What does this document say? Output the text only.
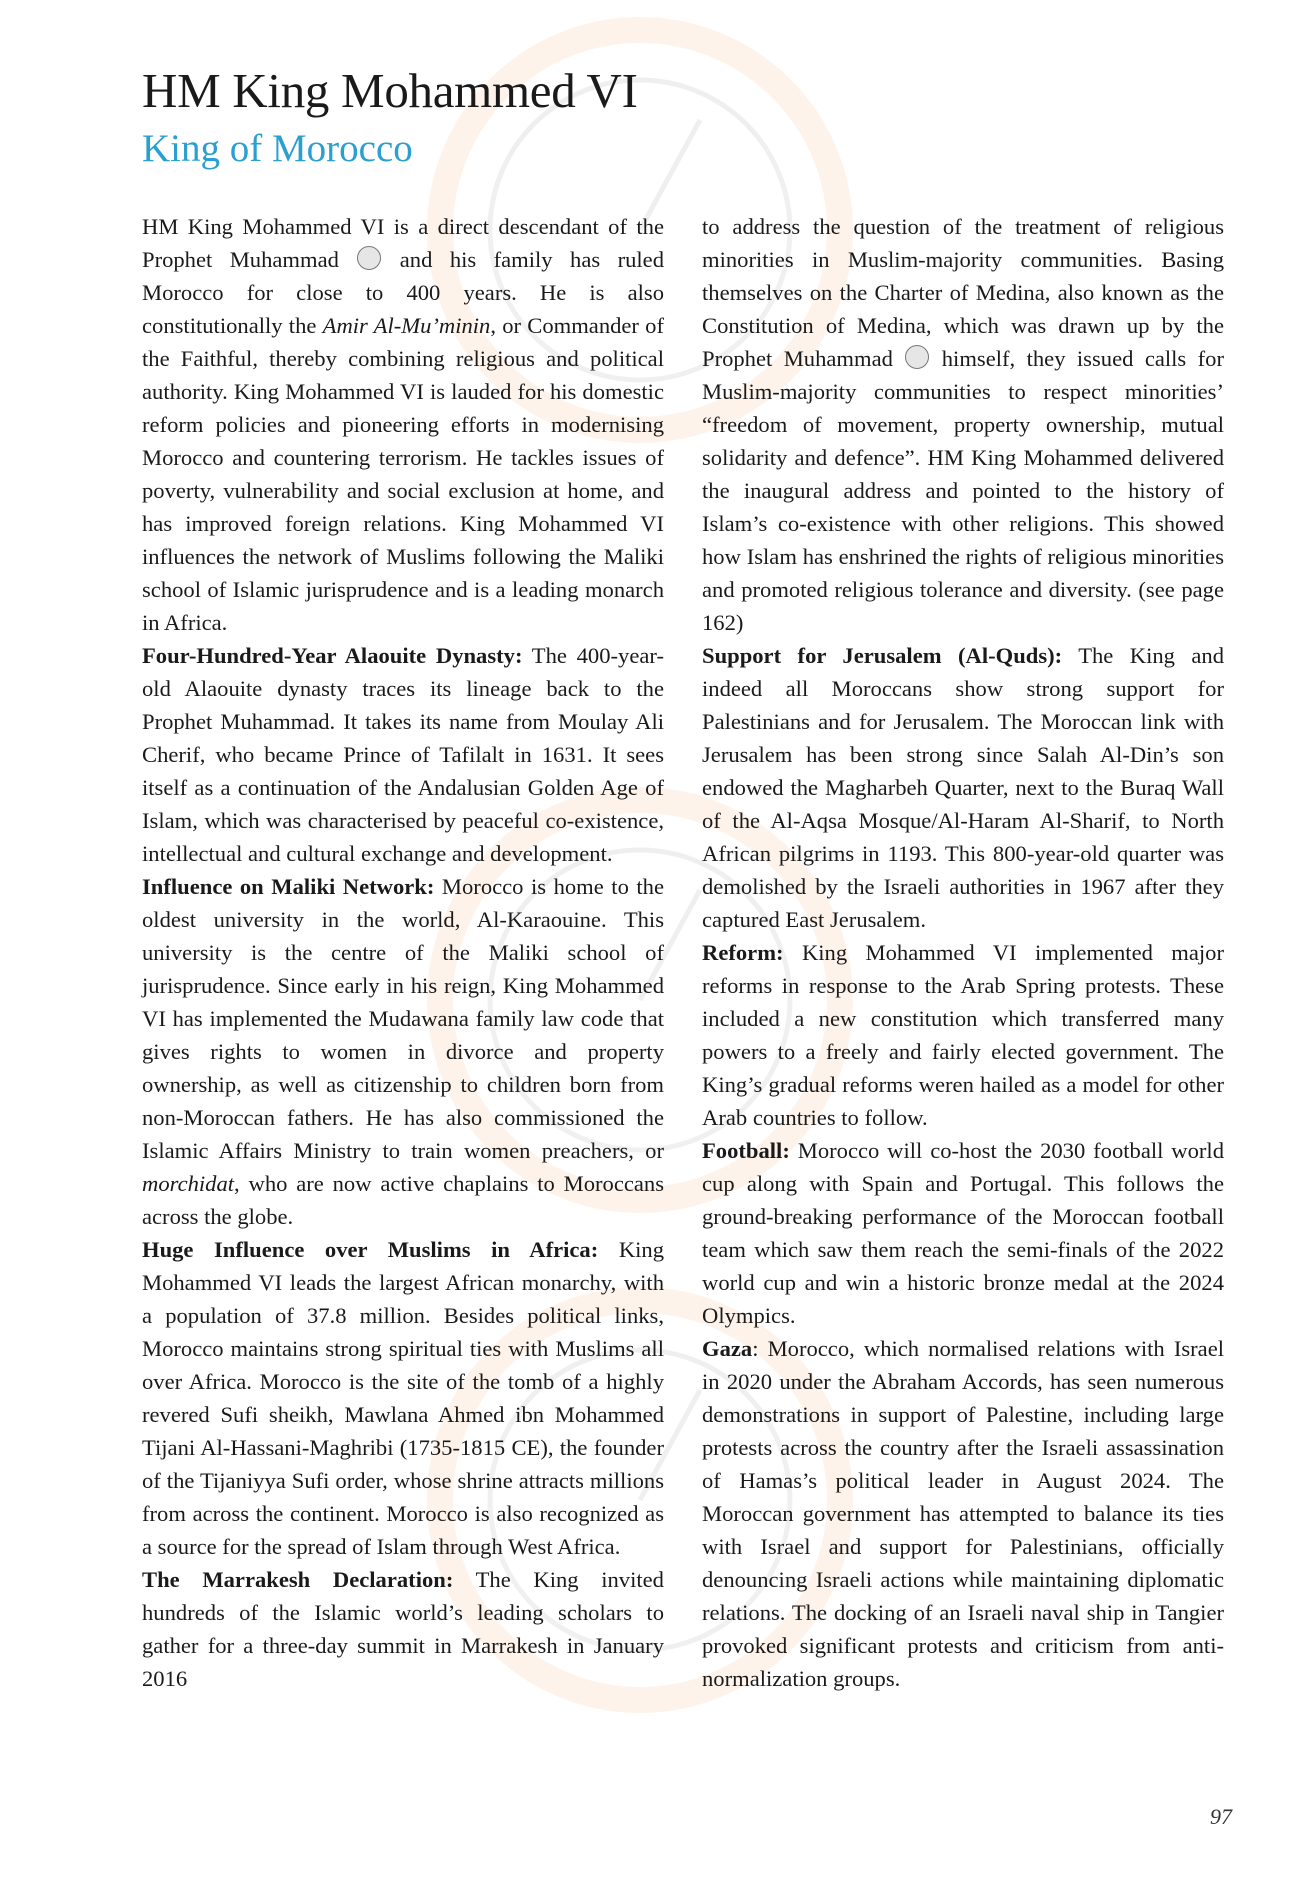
HM King Mohammed VI
King of Morocco

HM King Mohammed VI is a direct descendant of the Prophet Muhammad	and his family has ruled Morocco for close to 400 years. He is also constitutionally the Amir Al-Mu’minin, or Commander of the Faithful, thereby combining religious and political authority. King Mohammed VI is lauded for his domestic reform policies and pioneering efforts in modernising Morocco and countering terrorism. He tackles issues of poverty, vulnerability and social exclusion at home, and has improved foreign relations. King Mohammed VI influences the network of Muslims following the Maliki school of Islamic jurisprudence and is a leading monarch in Africa.

Four-Hundred-Year Alaouite Dynasty: The 400-year-old Alaouite dynasty traces its lineage back to the Prophet Muhammad. It takes its name from Moulay Ali Cherif, who became Prince of Tafilalt in 1631. It sees itself as a continuation of the Andalusian Golden Age of Islam, which was characterised by peaceful co-existence, intellectual and cultural exchange and development.

Influence on Maliki Network: Morocco is home to the oldest university in the world, Al-Karaouine. This university is the centre of the Maliki school of jurisprudence. Since early in his reign, King Mohammed VI has implemented the Mudawana family law code that gives rights to women in divorce and property ownership, as well as citizenship to children born from non-Moroccan fathers. He has also commissioned the Islamic Affairs Ministry to train women preachers, or morchidat, who are now active chaplains to Moroccans across the globe.

Huge Influence over Muslims in Africa: King Mohammed VI leads the largest African monarchy, with a population of 37.8 million. Besides political links, Morocco maintains strong spiritual ties with Muslims all over Africa. Morocco is the site of the tomb of a highly revered Sufi sheikh, Mawlana Ahmed ibn Mohammed Tijani Al-Hassani-Maghribi (1735-1815 CE), the founder of the Tijaniyya Sufi order, whose shrine attracts millions from across the continent. Morocco is also recognized as a source for the spread of Islam through West Africa.

The Marrakesh Declaration: The King invited hundreds of the Islamic world’s leading scholars to gather for a three-day summit in Marrakesh in January 2016

to address the question of the treatment of religious minorities in Muslim-majority communities. Basing themselves on the Charter of Medina, also known as the Constitution of Medina, which was drawn up by the Prophet Muhammad himself, they issued calls for Muslim-majority communities to respect minorities’ “freedom of movement, property ownership, mutual solidarity and defence”. HM King Mohammed delivered the inaugural address and pointed to the history of Islam’s co-existence with other religions. This showed how Islam has enshrined the rights of religious minorities and promoted religious tolerance and diversity. (see page 162)

Support for Jerusalem (Al-Quds): The King and indeed all Moroccans show strong support for Palestinians and for Jerusalem. The Moroccan link with Jerusalem has been strong since Salah Al-Din’s son endowed the Magharbeh Quarter, next to the Buraq Wall of the Al-Aqsa Mosque/Al-Haram Al-Sharif, to North African pilgrims in 1193. This 800-year-old quarter was demolished by the Israeli authorities in 1967 after they captured East Jerusalem.

Reform: King Mohammed VI implemented major reforms in response to the Arab Spring protests. These included a new constitution which transferred many powers to a freely and fairly elected government. The King’s gradual reforms weren hailed as a model for other Arab countries to follow.

Football: Morocco will co-host the 2030 football world cup along with Spain and Portugal. This follows the ground-breaking performance of the Moroccan football team which saw them reach the semi-finals of the 2022 world cup and win a historic bronze medal at the 2024 Olympics.

Gaza: Morocco, which normalised relations with Israel in 2020 under the Abraham Accords, has seen numerous demonstrations in support of Palestine, including large protests across the country after the Israeli assassination of Hamas’s political leader in August 2024. The Moroccan government has attempted to balance its ties with Israel and support for Palestinians, officially denouncing Israeli actions while maintaining diplomatic relations. The docking of an Israeli naval ship in Tangier provoked significant protests and criticism from anti-normalization groups.

97
